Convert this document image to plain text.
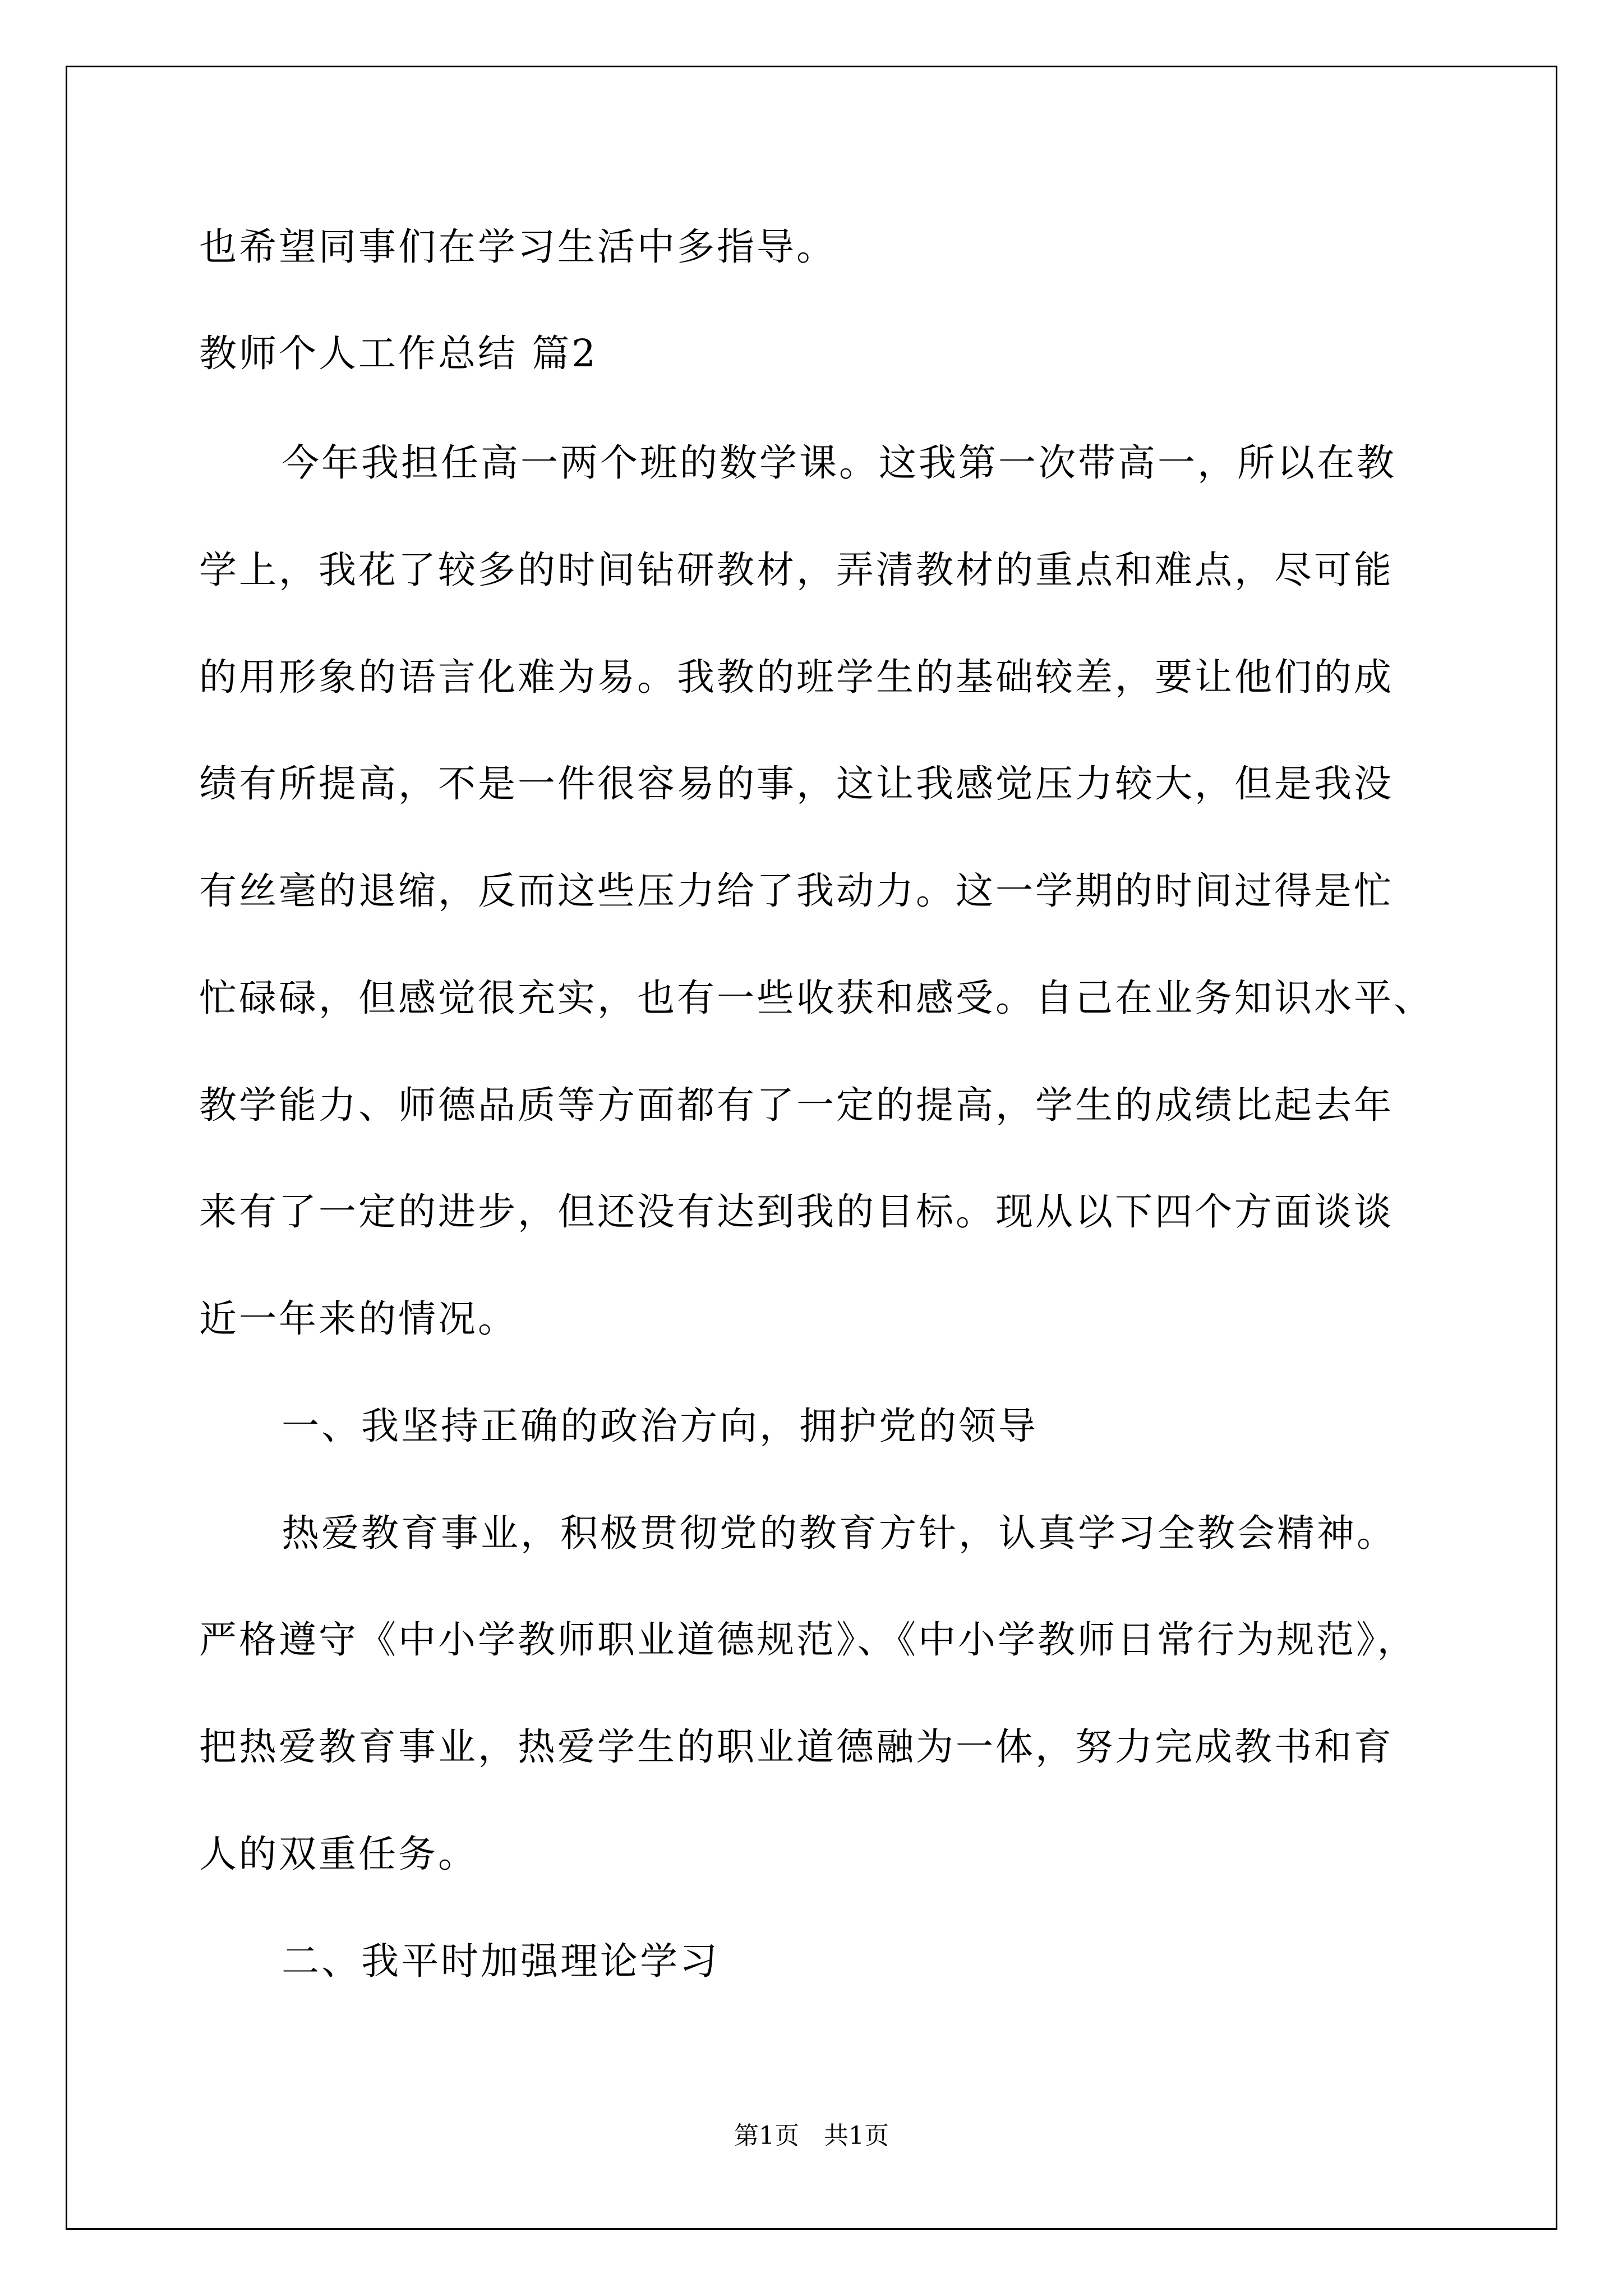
也希望同事们在学习生活中多指导。
教师个人工作总结 篇2
今年我担任高一两个班的数学课。这我第一次带高一，所以在教
学上，我花了较多的时间钻研教材，弄清教材的重点和难点，尽可能
的用形象的语言化难为易。我教的班学生的基础较差，要让他们的成
绩有所提高，不是一件很容易的事，这让我感觉压力较大，但是我没
有丝毫的退缩，反而这些压力给了我动力。这一学期的时间过得是忙
忙碌碌，但感觉很充实，也有一些收获和感受。自己在业务知识水平、
教学能力、师德品质等方面都有了一定的提高，学生的成绩比起去年
来有了一定的进步，但还没有达到我的目标。现从以下四个方面谈谈
近一年来的情况。
一、我坚持正确的政治方向，拥护党的领导
热爱教育事业，积极贯彻党的教育方针，认真学习全教会精神。
严格遵守《中小学教师职业道德规范》、《中小学教师日常行为规范》，
把热爱教育事业，热爱学生的职业道德融为一体，努力完成教书和育
人的双重任务。
二、我平时加强理论学习
第1页　共1页
